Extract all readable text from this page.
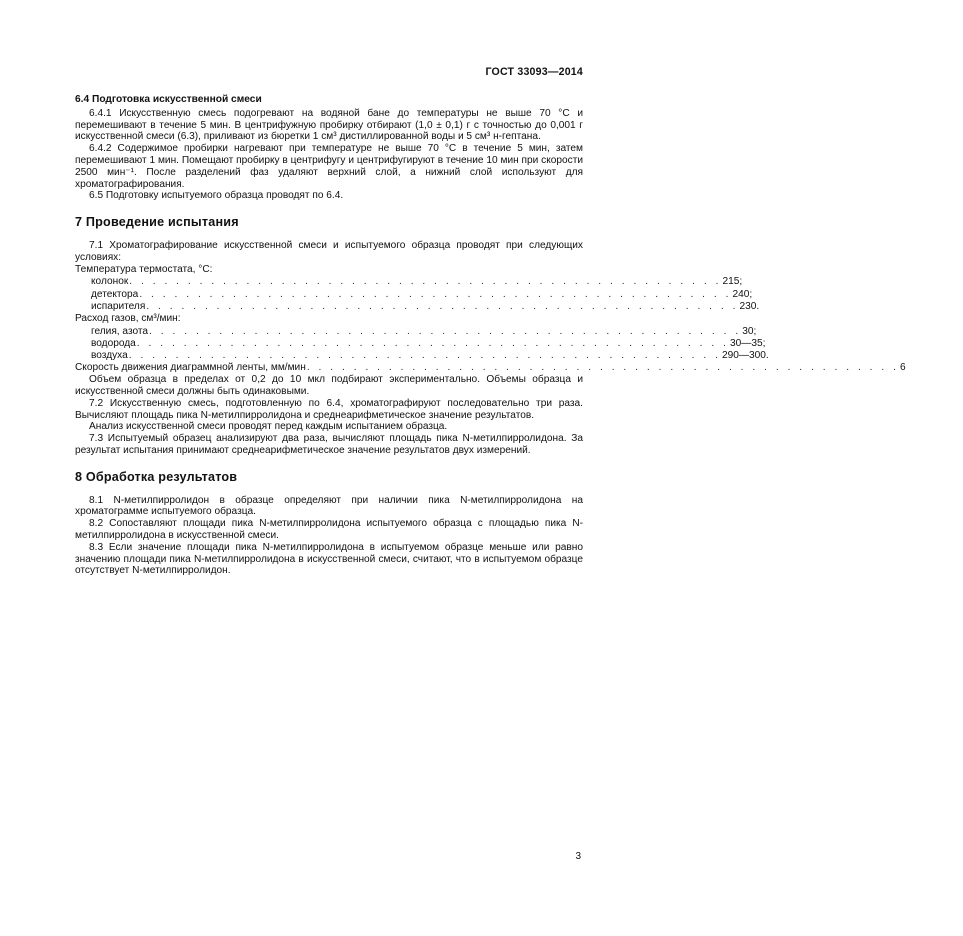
ГОСТ 33093—2014

6.4 Подготовка искусственной смеси

6.4.1 Искусственную смесь подогревают на водяной бане до температуры не выше 70 °С и перемешивают в течение 5 мин. В центрифужную пробирку отбирают (1,0 ± 0,1) г с точностью до 0,001 г искусственной смеси (6.3), приливают из бюретки 1 см³ дистиллированной воды и 5 см³ н-гептана.

6.4.2 Содержимое пробирки нагревают при температуре не выше 70 °С в течение 5 мин, затем перемешивают 1 мин. Помещают пробирку в центрифугу и центрифугируют в течение 10 мин при скорости 2500 мин⁻¹. После разделений фаз удаляют верхний слой, а нижний слой используют для хроматографирования.

6.5 Подготовку испытуемого образца проводят по 6.4.

7 Проведение испытания

7.1 Хроматографирование искусственной смеси и испытуемого образца проводят при следующих условиях:

Температура термостата, °С:
колонок . . . . . . . . . . . . . . . . . . . . . . . . . . . . . . . . . . . . . . . . . . . . . . . . . . . 215;
детектора . . . . . . . . . . . . . . . . . . . . . . . . . . . . . . . . . . . . . . . . . . . . . . . . . . . 240;
испарителя . . . . . . . . . . . . . . . . . . . . . . . . . . . . . . . . . . . . . . . . . . . . . . . . . . . 230.
Расход газов, см³/мин:
гелия, азота . . . . . . . . . . . . . . . . . . . . . . . . . . . . . . . . . . . . . . . . . . . . . . . . . . . 30;
водорода . . . . . . . . . . . . . . . . . . . . . . . . . . . . . . . . . . . . . . . . . . . . . . . . . . . 30—35;
воздуха . . . . . . . . . . . . . . . . . . . . . . . . . . . . . . . . . . . . . . . . . . . . . . . . . . . 290—300.
Скорость движения диаграммной ленты, мм/мин . . . . . . . . . . . . . . . . . . . . . . . . . . . . . . . . . . . . . . . . . . . . . . . . . . . 6

Объем образца в пределах от 0,2 до 10 мкл подбирают экспериментально. Объемы образца и искусственной смеси должны быть одинаковыми.

7.2 Искусственную смесь, подготовленную по 6.4, хроматографируют последовательно три раза. Вычисляют площадь пика N-метилпирролидона и среднеарифметическое значение результатов.

Анализ искусственной смеси проводят перед каждым испытанием образца.

7.3 Испытуемый образец анализируют два раза, вычисляют площадь пика N-метилпирролидона. За результат испытания принимают среднеарифметическое значение результатов двух измерений.

8 Обработка результатов

8.1 N-метилпирролидон в образце определяют при наличии пика N-метилпирролидона на хроматограмме испытуемого образца.

8.2 Сопоставляют площади пика N-метилпирролидона испытуемого образца с площадью пика N-метилпирролидона в искусственной смеси.

8.3 Если значение площади пика N-метилпирролидона в испытуемом образце меньше или равно значению площади пика N-метилпирролидона в искусственной смеси, считают, что в испытуемом образце отсутствует N-метилпирролидон.

3
